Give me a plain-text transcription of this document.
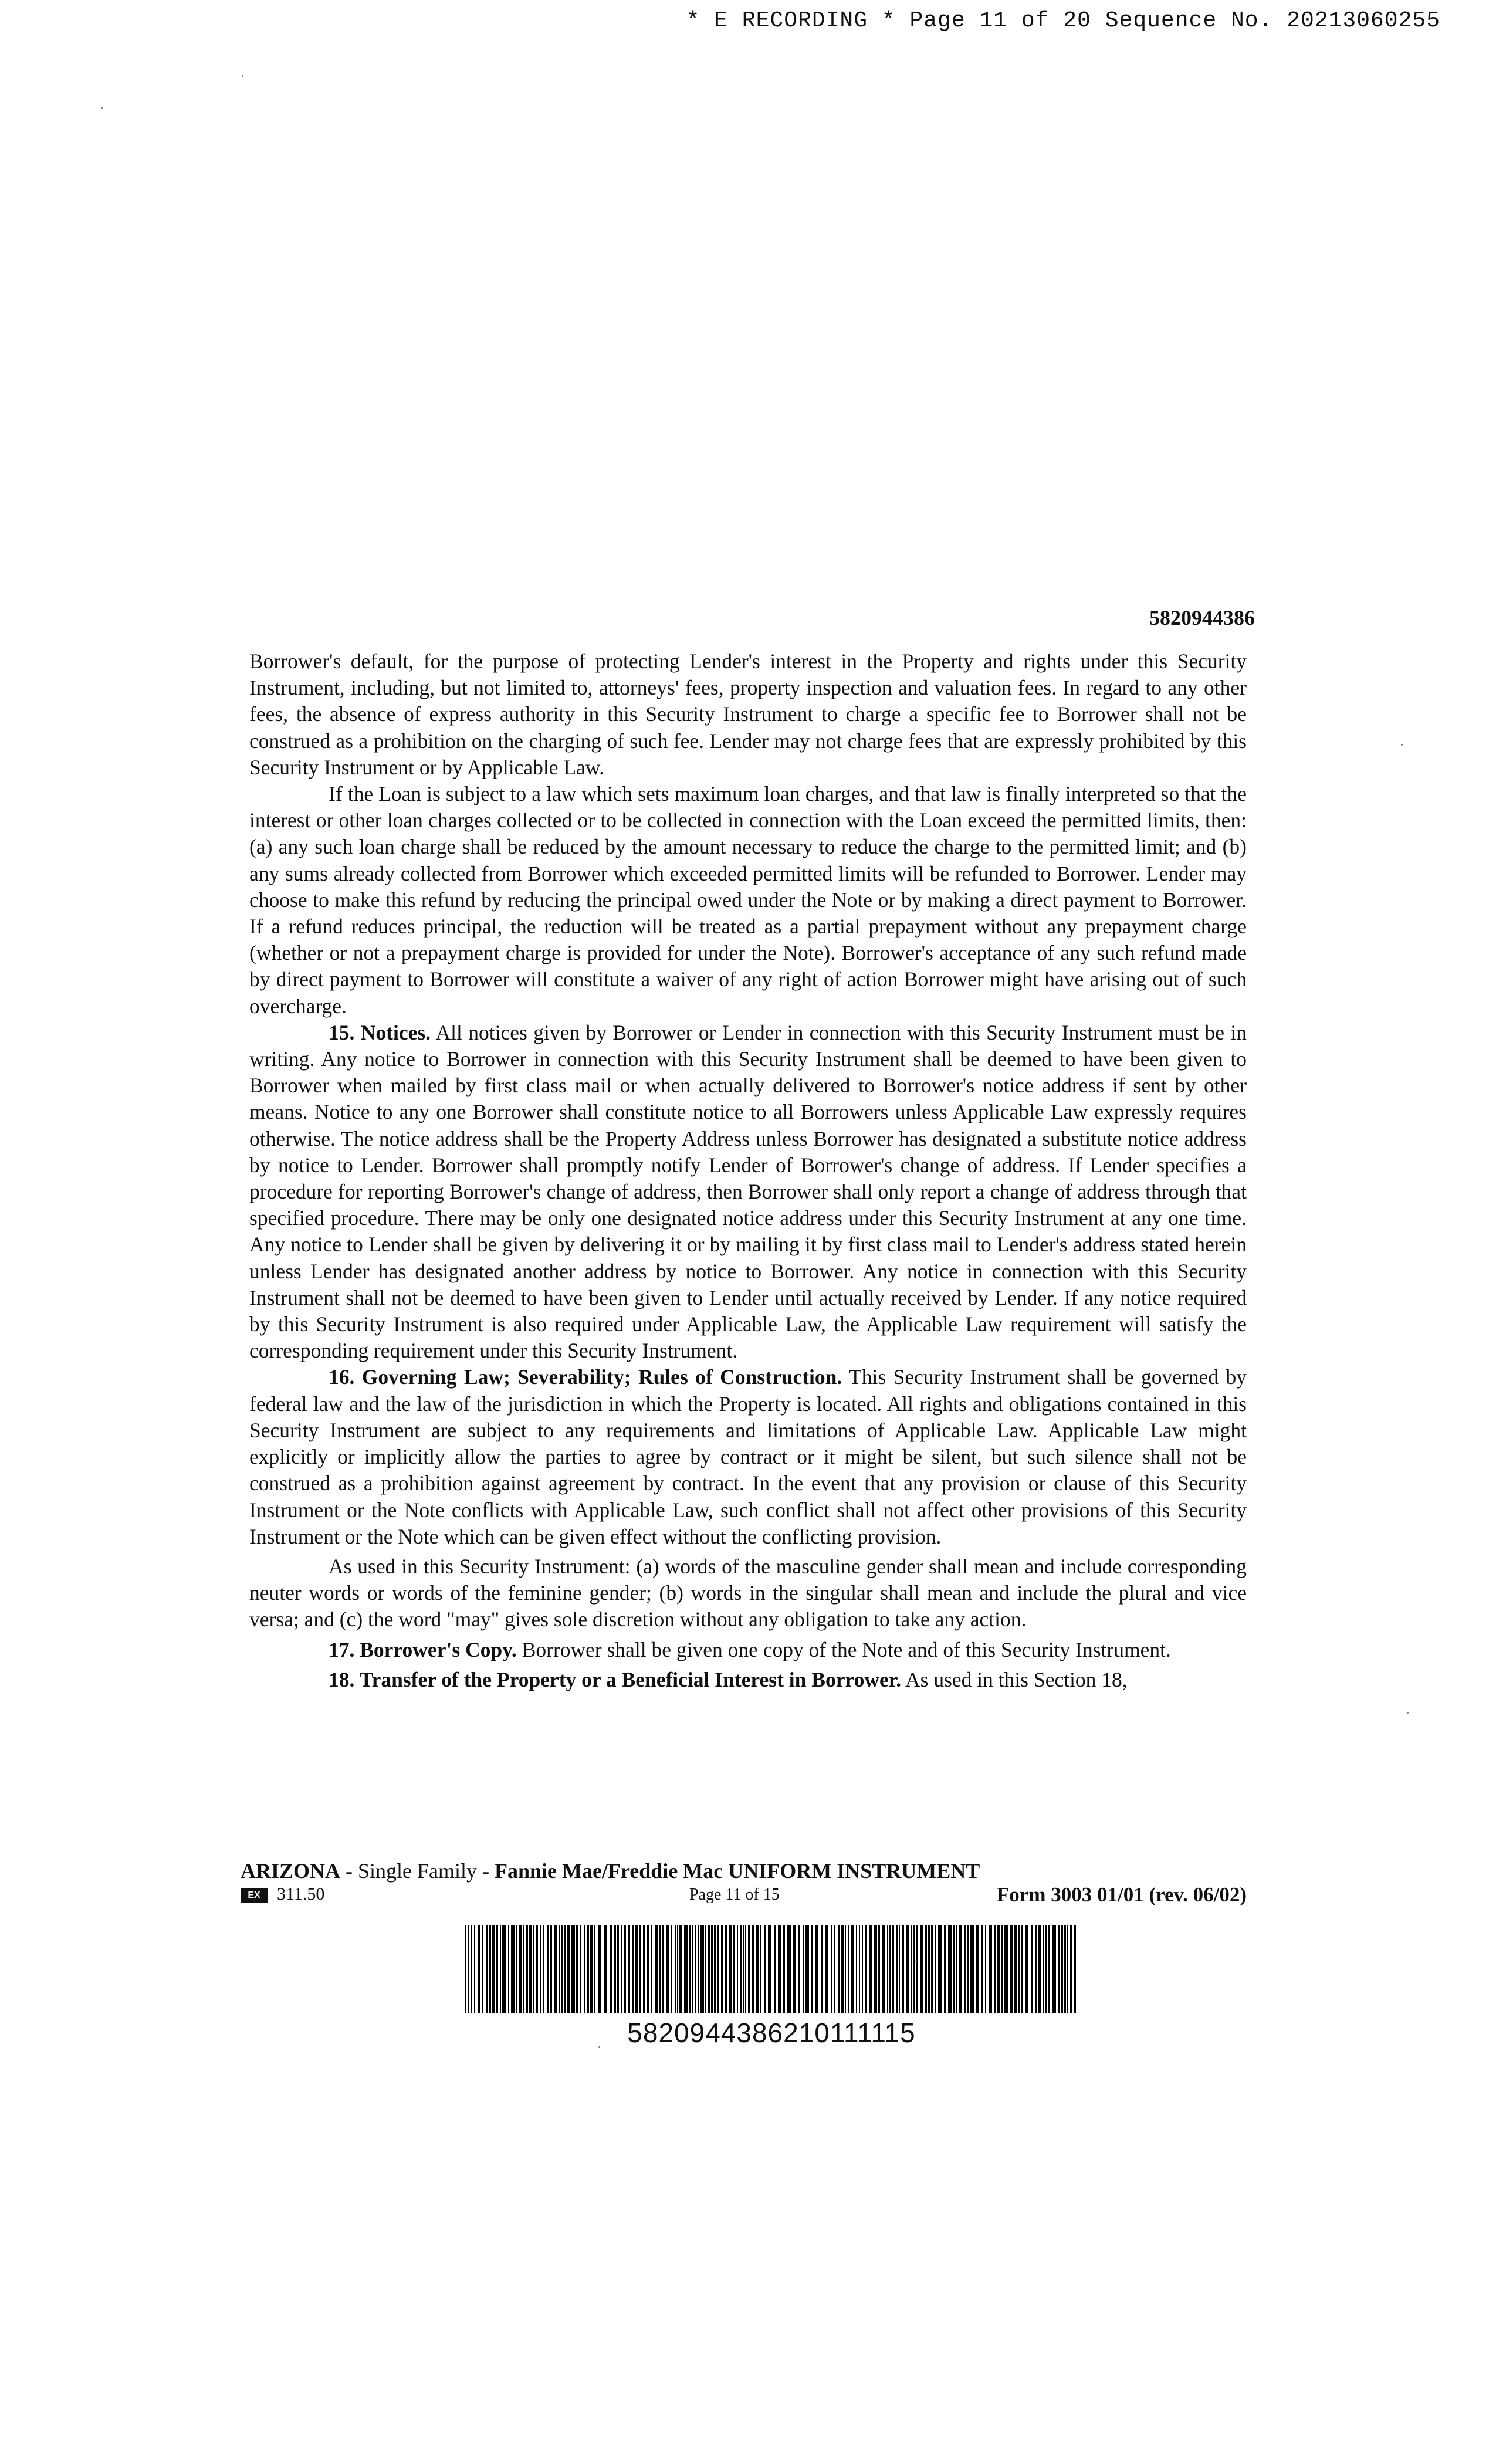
* E RECORDING * Page 11 of 20 Sequence No. 20213060255
5820944386

Borrower's default, for the purpose of protecting Lender's interest in the Property and rights under this Security Instrument, including, but not limited to, attorneys' fees, property inspection and valuation fees. In regard to any other fees, the absence of express authority in this Security Instrument to charge a specific fee to Borrower shall not be construed as a prohibition on the charging of such fee. Lender may not charge fees that are expressly prohibited by this Security Instrument or by Applicable Law.

If the Loan is subject to a law which sets maximum loan charges, and that law is finally interpreted so that the interest or other loan charges collected or to be collected in connection with the Loan exceed the permitted limits, then: (a) any such loan charge shall be reduced by the amount necessary to reduce the charge to the permitted limit; and (b) any sums already collected from Borrower which exceeded permitted limits will be refunded to Borrower. Lender may choose to make this refund by reducing the principal owed under the Note or by making a direct payment to Borrower. If a refund reduces principal, the reduction will be treated as a partial prepayment without any prepayment charge (whether or not a prepayment charge is provided for under the Note). Borrower's acceptance of any such refund made by direct payment to Borrower will constitute a waiver of any right of action Borrower might have arising out of such overcharge.

15. Notices. All notices given by Borrower or Lender in connection with this Security Instrument must be in writing. Any notice to Borrower in connection with this Security Instrument shall be deemed to have been given to Borrower when mailed by first class mail or when actually delivered to Borrower's notice address if sent by other means. Notice to any one Borrower shall constitute notice to all Borrowers unless Applicable Law expressly requires otherwise. The notice address shall be the Property Address unless Borrower has designated a substitute notice address by notice to Lender. Borrower shall promptly notify Lender of Borrower's change of address. If Lender specifies a procedure for reporting Borrower's change of address, then Borrower shall only report a change of address through that specified procedure. There may be only one designated notice address under this Security Instrument at any one time. Any notice to Lender shall be given by delivering it or by mailing it by first class mail to Lender's address stated herein unless Lender has designated another address by notice to Borrower. Any notice in connection with this Security Instrument shall not be deemed to have been given to Lender until actually received by Lender. If any notice required by this Security Instrument is also required under Applicable Law, the Applicable Law requirement will satisfy the corresponding requirement under this Security Instrument.

16. Governing Law; Severability; Rules of Construction. This Security Instrument shall be governed by federal law and the law of the jurisdiction in which the Property is located. All rights and obligations contained in this Security Instrument are subject to any requirements and limitations of Applicable Law. Applicable Law might explicitly or implicitly allow the parties to agree by contract or it might be silent, but such silence shall not be construed as a prohibition against agreement by contract. In the event that any provision or clause of this Security Instrument or the Note conflicts with Applicable Law, such conflict shall not affect other provisions of this Security Instrument or the Note which can be given effect without the conflicting provision.

As used in this Security Instrument: (a) words of the masculine gender shall mean and include corresponding neuter words or words of the feminine gender; (b) words in the singular shall mean and include the plural and vice versa; and (c) the word "may" gives sole discretion without any obligation to take any action.

17. Borrower's Copy. Borrower shall be given one copy of the Note and of this Security Instrument.

18. Transfer of the Property or a Beneficial Interest in Borrower. As used in this Section 18,

ARIZONA - Single Family - Fannie Mae/Freddie Mac UNIFORM INSTRUMENT
EX 311.50	Page 11 of 15	Form 3003 01/01 (rev. 06/02)
5820944386210111115
